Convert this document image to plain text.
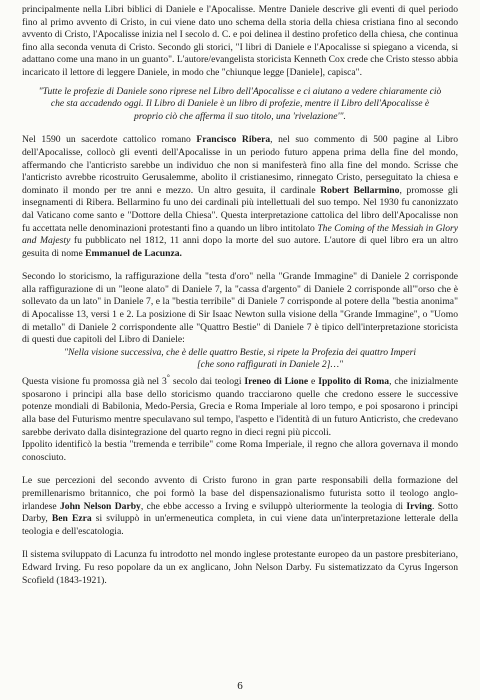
principalmente nella Libri biblici di Daniele e l'Apocalisse. Mentre Daniele descrive gli eventi di quel periodo fino al primo avvento di Cristo, in cui viene dato uno schema della storia della chiesa cristiana fino al secondo avvento di Cristo, l'Apocalisse inizia nel I secolo d. C. e poi delinea il destino profetico della chiesa, che continua fino alla seconda venuta di Cristo. Secondo gli storici, "I libri di Daniele e l'Apocalisse si spiegano a vicenda, si adattano come una mano in un guanto". L'autore/evangelista storicista Kenneth Cox crede che Cristo stesso abbia incaricato il lettore di leggere Daniele, in modo che "chiunque legge [Daniele], capisca".

"Tutte le profezie di Daniele sono riprese nel Libro dell'Apocalisse e ci aiutano a vedere chiaramente ciò che sta accadendo oggi. Il Libro di Daniele è un libro di profezie, mentre il Libro dell'Apocalisse è proprio ciò che afferma il suo titolo, una 'rivelazione'".

Nel 1590 un sacerdote cattolico romano Francisco Ribera, nel suo commento di 500 pagine al Libro dell'Apocalisse, collocò gli eventi dell'Apocalisse in un periodo futuro appena prima della fine del mondo, affermando che l'anticristo sarebbe un individuo che non si manifesterà fino alla fine del mondo. Scrisse che l'anticristo avrebbe ricostruito Gerusalemme, abolito il cristianesimo, rinnegato Cristo, perseguitato la chiesa e dominato il mondo per tre anni e mezzo. Un altro gesuita, il cardinale Robert Bellarmino, promosse gli insegnamenti di Ribera. Bellarmino fu uno dei cardinali più intellettuali del suo tempo. Nel 1930 fu canonizzato dal Vaticano come santo e "Dottore della Chiesa". Questa interpretazione cattolica del libro dell'Apocalisse non fu accettata nelle denominazioni protestanti fino a quando un libro intitolato The Coming of the Messiah in Glory and Majesty fu pubblicato nel 1812, 11 anni dopo la morte del suo autore. L'autore di quel libro era un altro gesuita di nome Emmanuel de Lacunza.

Secondo lo storicismo, la raffigurazione della "testa d'oro" nella "Grande Immagine" di Daniele 2 corrisponde alla raffigurazione di un "leone alato" di Daniele 7, la "cassa d'argento" di Daniele 2 corrisponde all'"orso che è sollevato da un lato" in Daniele 7, e la "bestia terribile" di Daniele 7 corrisponde al potere della "bestia anonima" di Apocalisse 13, versi 1 e 2. La posizione di Sir Isaac Newton sulla visione della "Grande Immagine", o "Uomo di metallo" di Daniele 2 corrispondente alle "Quattro Bestie" di Daniele 7 è tipico dell'interpretazione storicista di questi due capitoli del Libro di Daniele:

"Nella visione successiva, che è delle quattro Bestie, si ripete la Profezia dei quattro Imperi
[che sono raffigurati in Daniele 2]…"

Questa visione fu promossa già nel 3° secolo dai teologi Ireneo di Lione e Ippolito di Roma, che inizialmente sposarono i principi alla base dello storicismo quando tracciarono quelle che credono essere le successive potenze mondiali di Babilonia, Medo-Persia, Grecia e Roma Imperiale al loro tempo, e poi sposarono i principi alla base del Futurismo mentre speculavano sul tempo, l'aspetto e l'identità di un futuro Anticristo, che credevano sarebbe derivato dalla disintegrazione del quarto regno in dieci regni più piccoli.

Ippolito identificò la bestia "tremenda e terribile" come Roma Imperiale, il regno che allora governava il mondo conosciuto.

Le sue percezioni del secondo avvento di Cristo furono in gran parte responsabili della formazione del premillenarismo britannico, che poi formò la base del dispensazionalismo futurista sotto il teologo anglo-irlandese John Nelson Darby, che ebbe accesso a Irving e sviluppò ulteriormente la teologia di Irving. Sotto Darby, Ben Ezra si sviluppò in un'ermeneutica completa, in cui viene data un'interpretazione letterale della teologia e dell'escatologia.

Il sistema sviluppato di Lacunza fu introdotto nel mondo inglese protestante europeo da un pastore presbiteriano, Edward Irving. Fu reso popolare da un ex anglicano, John Nelson Darby. Fu sistematizzato da Cyrus Ingerson Scofield (1843-1921).

6
